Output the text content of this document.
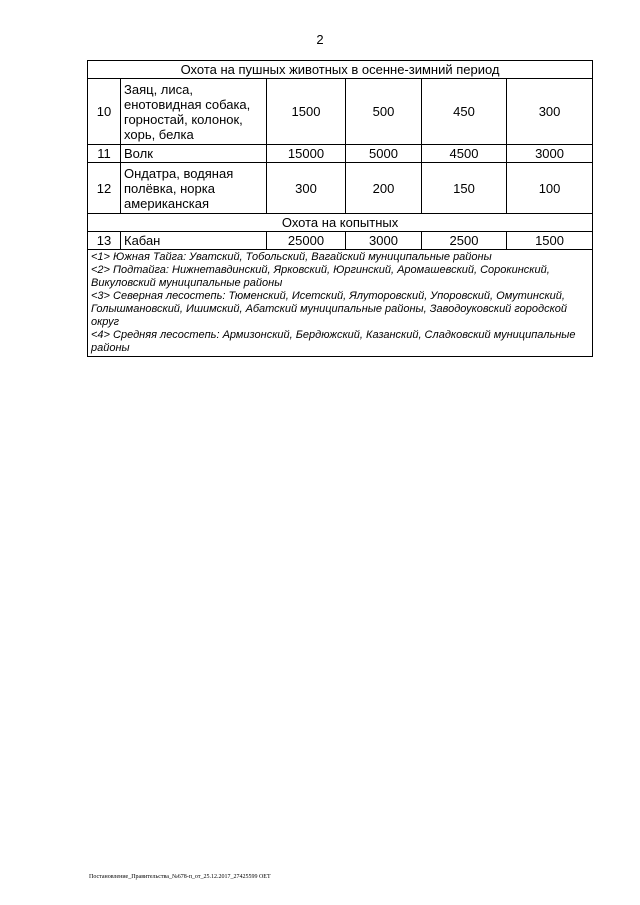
2
Охота на пушных животных в осенне-зимний период					
10	Заяц, лиса, енотовидная собака, горностай, колонок, хорь, белка	1500	500	450	300
11	Волк	15000	5000	4500	3000
12	Ондатра, водяная полёвка, норка американская	300	200	150	100
Охота на копытных					
13	Кабан	25000	3000	2500	1500

<1> Южная Тайга: Уватский, Тобольский, Вагайский муниципальные районы
<2> Подтайга: Нижнетавдинский, Ярковский, Юргинский, Аромашевский, Сорокинский, Викуловский муниципальные районы
<3> Северная лесостепь: Тюменский, Исетский, Ялуторовский, Упоровский, Омутинский, Голышмановский, Ишимский, Абатский муниципальные районы, Заводоуковский городской округ
<4> Средняя лесостепь: Армизонский, Бердюжский, Казанский, Сладковский муниципальные районы					
Постановление_Правительства_№678-п_от_25.12.2017_27425599 ОЕТ
